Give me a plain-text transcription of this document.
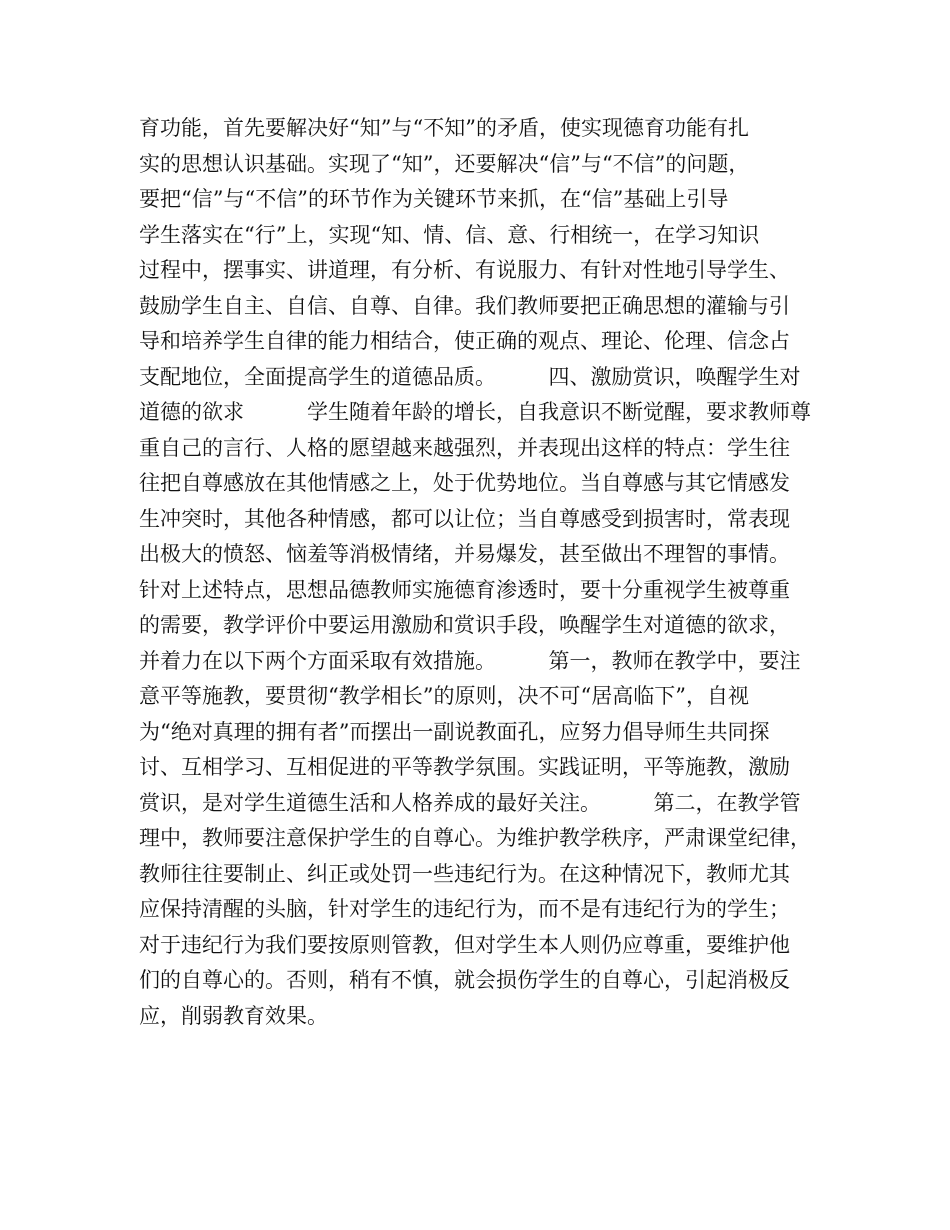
育功能，首先要解决好“知”与“不知”的矛盾，使实现德育功能有扎
实的思想认识基础。实现了“知”，还要解决“信”与“不信”的问题，
要把“信”与“不信”的环节作为关键环节来抓，在“信”基础上引导
学生落实在“行”上，实现“知、情、信、意、行相统一，在学习知识
过程中，摆事实、讲道理，有分析、有说服力、有针对性地引导学生、
鼓励学生自主、自信、自尊、自律。我们教师要把正确思想的灌输与引
导和培养学生自律的能力相结合，使正确的观点、理论、伦理、信念占
支配地位，全面提高学生的道德品质。　　　四、激励赏识，唤醒学生对
道德的欲求　　　学生随着年龄的增长，自我意识不断觉醒，要求教师尊
重自己的言行、人格的愿望越来越强烈，并表现出这样的特点：学生往
往把自尊感放在其他情感之上，处于优势地位。当自尊感与其它情感发
生冲突时，其他各种情感，都可以让位；当自尊感受到损害时，常表现
出极大的愤怒、恼羞等消极情绪，并易爆发，甚至做出不理智的事情。
针对上述特点，思想品德教师实施德育渗透时，要十分重视学生被尊重
的需要，教学评价中要运用激励和赏识手段，唤醒学生对道德的欲求，
并着力在以下两个方面采取有效措施。　　　第一，教师在教学中，要注
意平等施教，要贯彻“教学相长”的原则，决不可“居高临下”，自视
为“绝对真理的拥有者”而摆出一副说教面孔，应努力倡导师生共同探
讨、互相学习、互相促进的平等教学氛围。实践证明，平等施教，激励
赏识，是对学生道德生活和人格养成的最好关注。　　　第二，在教学管
理中，教师要注意保护学生的自尊心。为维护教学秩序，严肃课堂纪律，
教师往往要制止、纠正或处罚一些违纪行为。在这种情况下，教师尤其
应保持清醒的头脑，针对学生的违纪行为，而不是有违纪行为的学生；
对于违纪行为我们要按原则管教，但对学生本人则仍应尊重，要维护他
们的自尊心的。否则，稍有不慎，就会损伤学生的自尊心，引起消极反
应，削弱教育效果。
